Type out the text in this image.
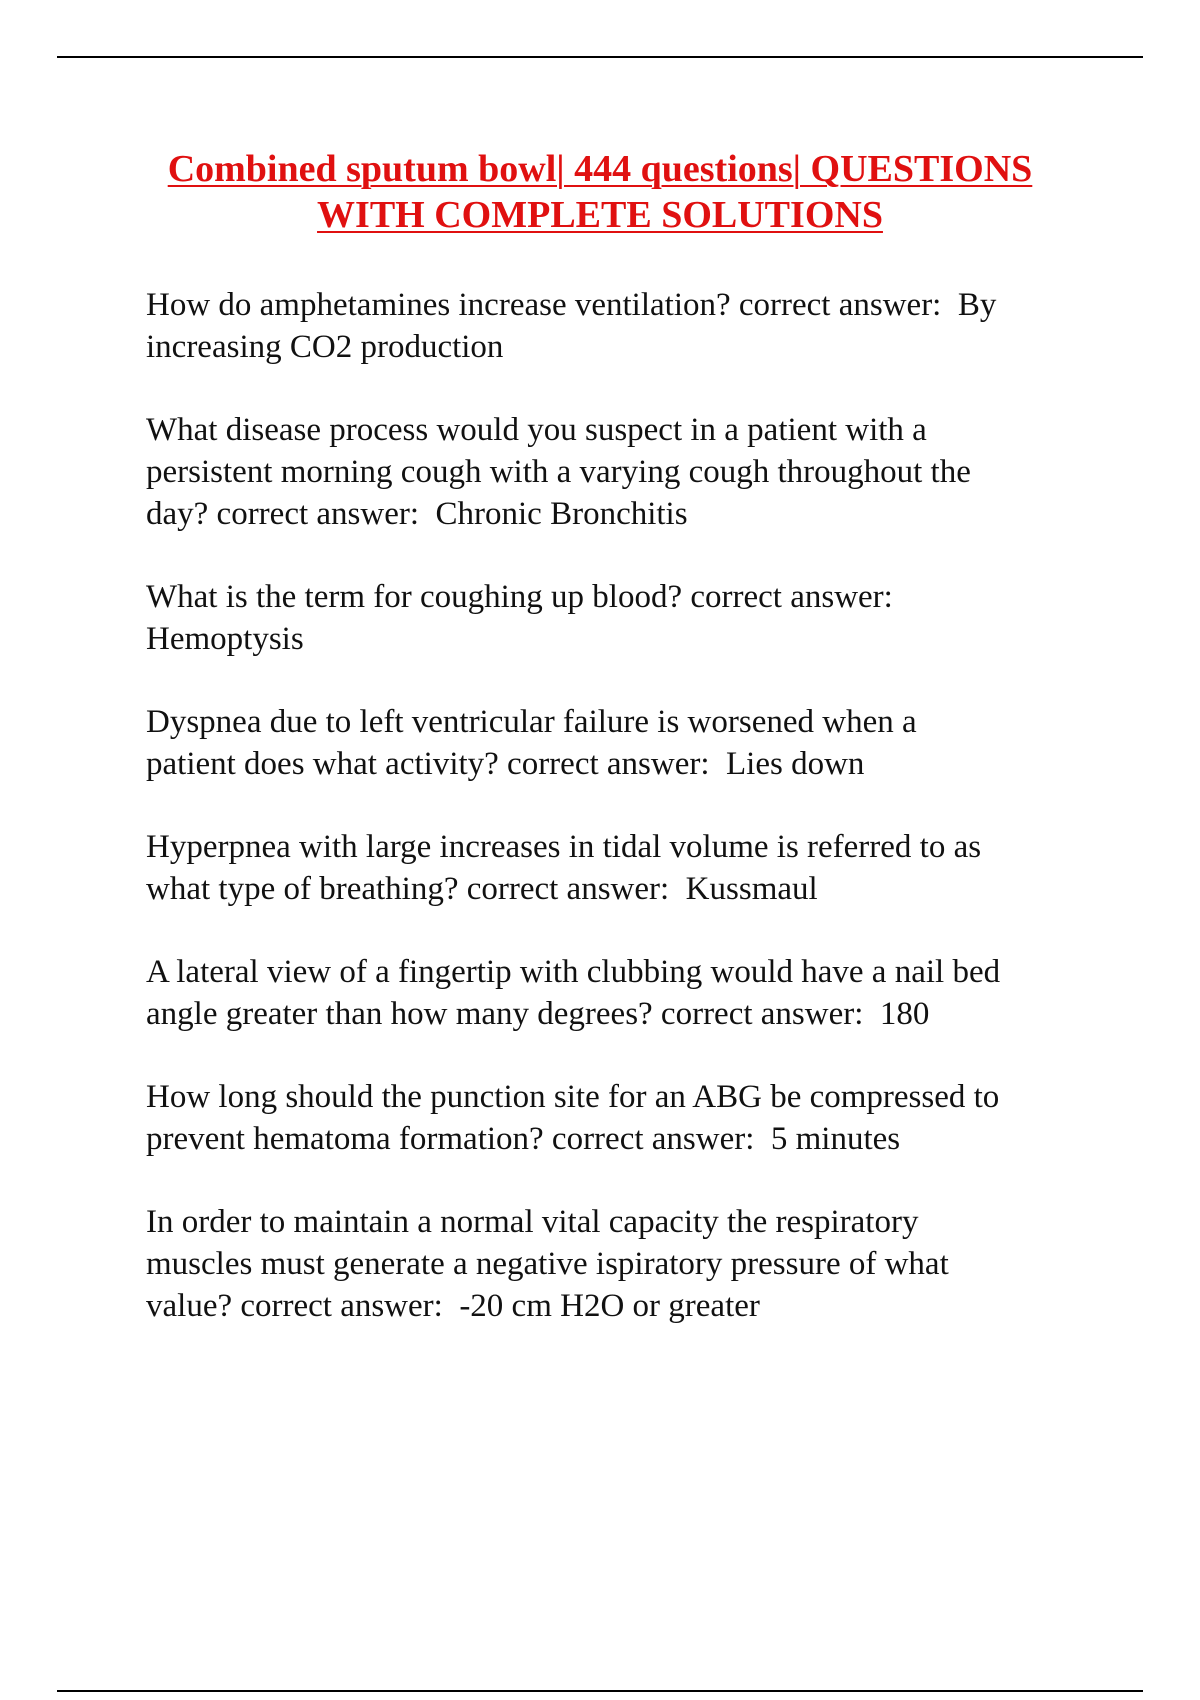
Combined sputum bowl| 444 questions| QUESTIONS
WITH COMPLETE SOLUTIONS

How do amphetamines increase ventilation? correct answer:  By
increasing CO2 production

What disease process would you suspect in a patient with a
persistent morning cough with a varying cough throughout the
day? correct answer:  Chronic Bronchitis

What is the term for coughing up blood? correct answer:
Hemoptysis

Dyspnea due to left ventricular failure is worsened when a
patient does what activity? correct answer:  Lies down

Hyperpnea with large increases in tidal volume is referred to as
what type of breathing? correct answer:  Kussmaul

A lateral view of a fingertip with clubbing would have a nail bed
angle greater than how many degrees? correct answer:  180

How long should the punction site for an ABG be compressed to
prevent hematoma formation? correct answer:  5 minutes

In order to maintain a normal vital capacity the respiratory
muscles must generate a negative ispiratory pressure of what
value? correct answer:  -20 cm H2O or greater
